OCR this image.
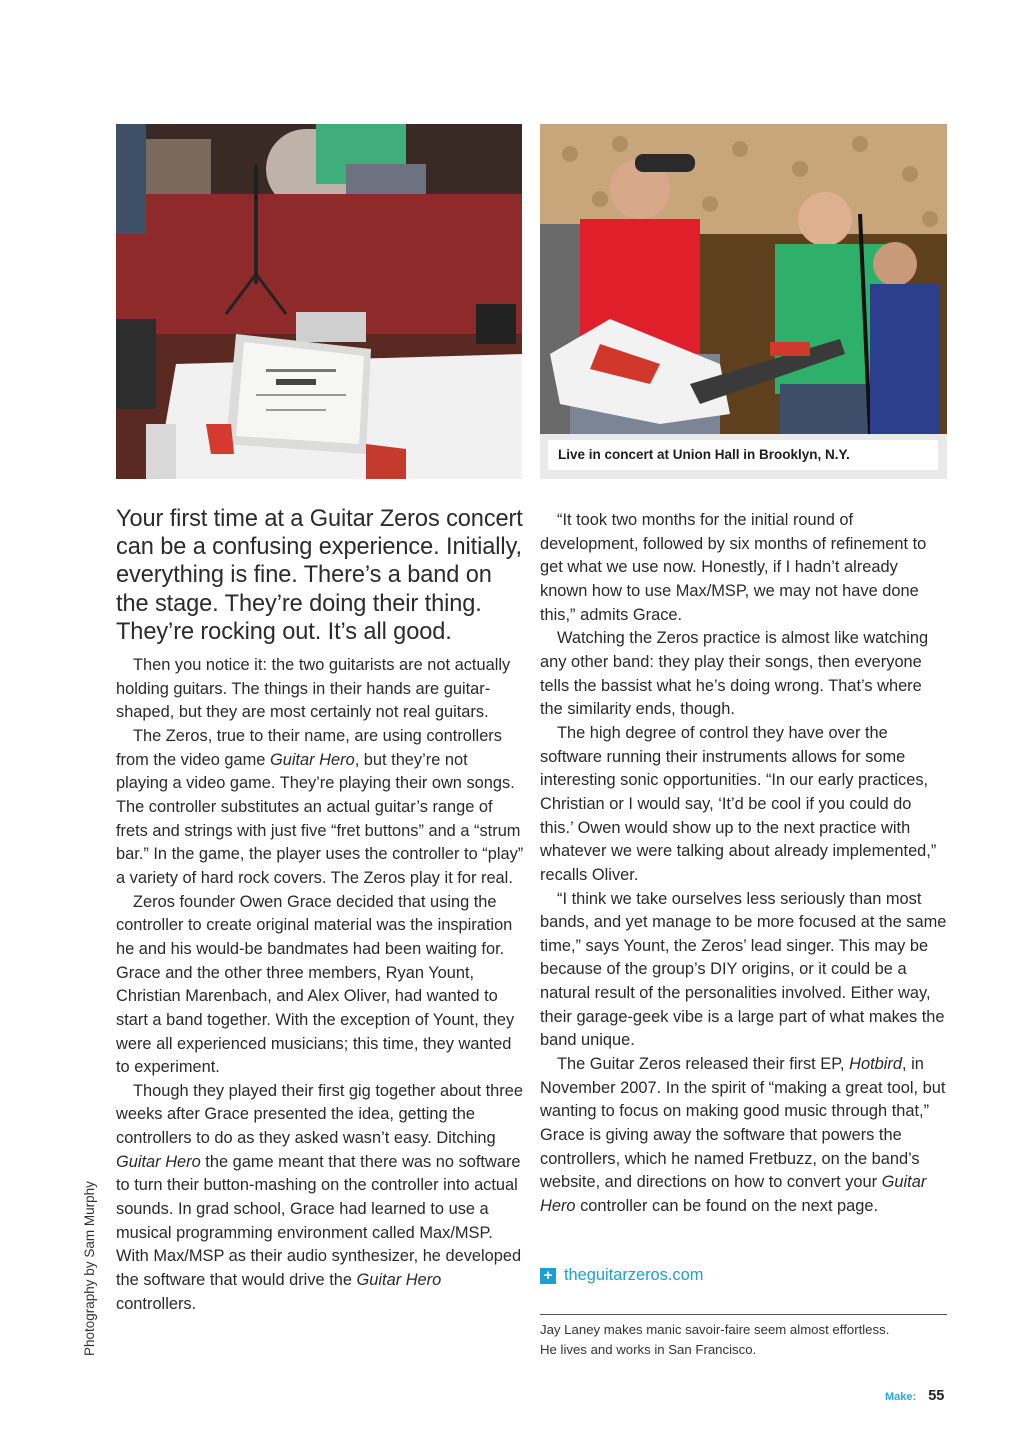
Live in concert at Union Hall in Brooklyn, N.Y.
Your first time at a Guitar Zeros concert can be a confusing experience. Initially, everything is fine. There’s a band on the stage. They’re doing their thing. They’re rocking out. It’s all good.

Then you notice it: the two guitarists are not actually holding guitars. The things in their hands are guitar-shaped, but they are most certainly not real guitars.

The Zeros, true to their name, are using controllers from the video game Guitar Hero, but they’re not playing a video game. They’re playing their own songs. The controller substitutes an actual guitar’s range of frets and strings with just five “fret buttons” and a “strum bar.” In the game, the player uses the controller to “play” a variety of hard rock covers. The Zeros play it for real.

Zeros founder Owen Grace decided that using the controller to create original material was the inspiration he and his would-be bandmates had been waiting for. Grace and the other three members, Ryan Yount, Christian Marenbach, and Alex Oliver, had wanted to start a band together. With the exception of Yount, they were all experienced musicians; this time, they wanted to experiment.

Though they played their first gig together about three weeks after Grace presented the idea, getting the controllers to do as they asked wasn’t easy. Ditching Guitar Hero the game meant that there was no software to turn their button-mashing on the controller into actual sounds. In grad school, Grace had learned to use a musical programming environment called Max/MSP. With Max/MSP as their audio synthesizer, he developed the software that would drive the Guitar Hero controllers.

“It took two months for the initial round of development, followed by six months of refinement to get what we use now. Honestly, if I hadn’t already known how to use Max/MSP, we may not have done this,” admits Grace.

Watching the Zeros practice is almost like watching any other band: they play their songs, then everyone tells the bassist what he’s doing wrong. That’s where the similarity ends, though.

The high degree of control they have over the software running their instruments allows for some interesting sonic opportunities. “In our early practices, Christian or I would say, ‘It’d be cool if you could do this.’ Owen would show up to the next practice with whatever we were talking about already implemented,” recalls Oliver.

“I think we take ourselves less seriously than most bands, and yet manage to be more focused at the same time,” says Yount, the Zeros’ lead singer. This may be because of the group’s DIY origins, or it could be a natural result of the personalities involved. Either way, their garage-geek vibe is a large part of what makes the band unique.

The Guitar Zeros released their first EP, Hotbird, in November 2007. In the spirit of “making a great tool, but wanting to focus on making good music through that,” Grace is giving away the software that powers the controllers, which he named Fretbuzz, on the band’s website, and directions on how to convert your Guitar Hero controller can be found on the next page.

+ theguitarzeros.com
Jay Laney makes manic savoir-faire seem almost effortless.
He lives and works in San Francisco.
Photography by Sam Murphy
Make: 55
